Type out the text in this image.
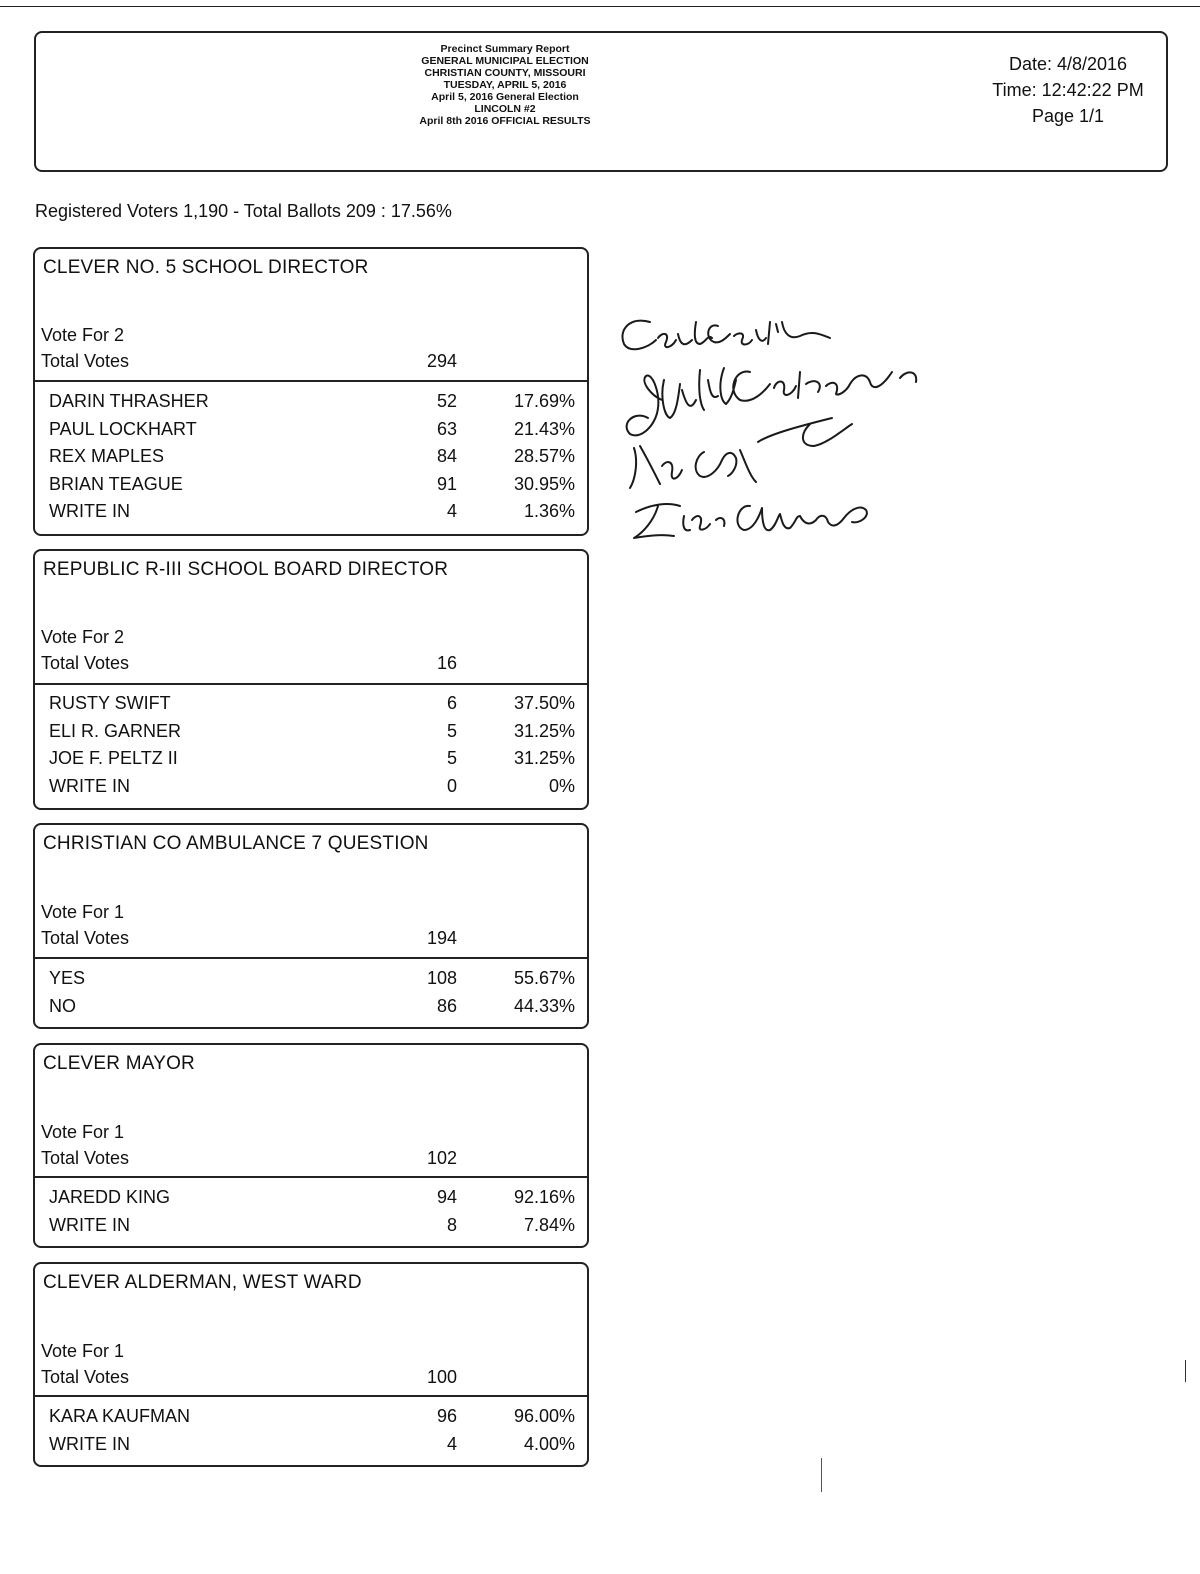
Precinct Summary Report
GENERAL MUNICIPAL ELECTION
CHRISTIAN COUNTY, MISSOURI
TUESDAY, APRIL 5, 2016
April 5, 2016 General Election
LINCOLN #2
April 8th 2016 OFFICIAL RESULTS
Date: 4/8/2016
Time: 12:42:22 PM
Page 1/1
Registered Voters 1,190 - Total Ballots 209 : 17.56%
CLEVER NO. 5 SCHOOL DIRECTOR
Vote For 2
Total Votes	294
DARIN THRASHER	52	17.69%
PAUL LOCKHART	63	21.43%
REX MAPLES	84	28.57%
BRIAN TEAGUE	91	30.95%
WRITE IN	4	1.36%
REPUBLIC R-III SCHOOL BOARD DIRECTOR
Vote For 2
Total Votes	16
RUSTY SWIFT	6	37.50%
ELI R. GARNER	5	31.25%
JOE F. PELTZ II	5	31.25%
WRITE IN	0	0%
CHRISTIAN CO AMBULANCE 7 QUESTION
Vote For 1
Total Votes	194
YES	108	55.67%
NO	86	44.33%
CLEVER MAYOR
Vote For 1
Total Votes	102
JAREDD KING	94	92.16%
WRITE IN	8	7.84%
CLEVER ALDERMAN, WEST WARD
Vote For 1
Total Votes	100
KARA KAUFMAN	96	96.00%
WRITE IN	4	4.00%
